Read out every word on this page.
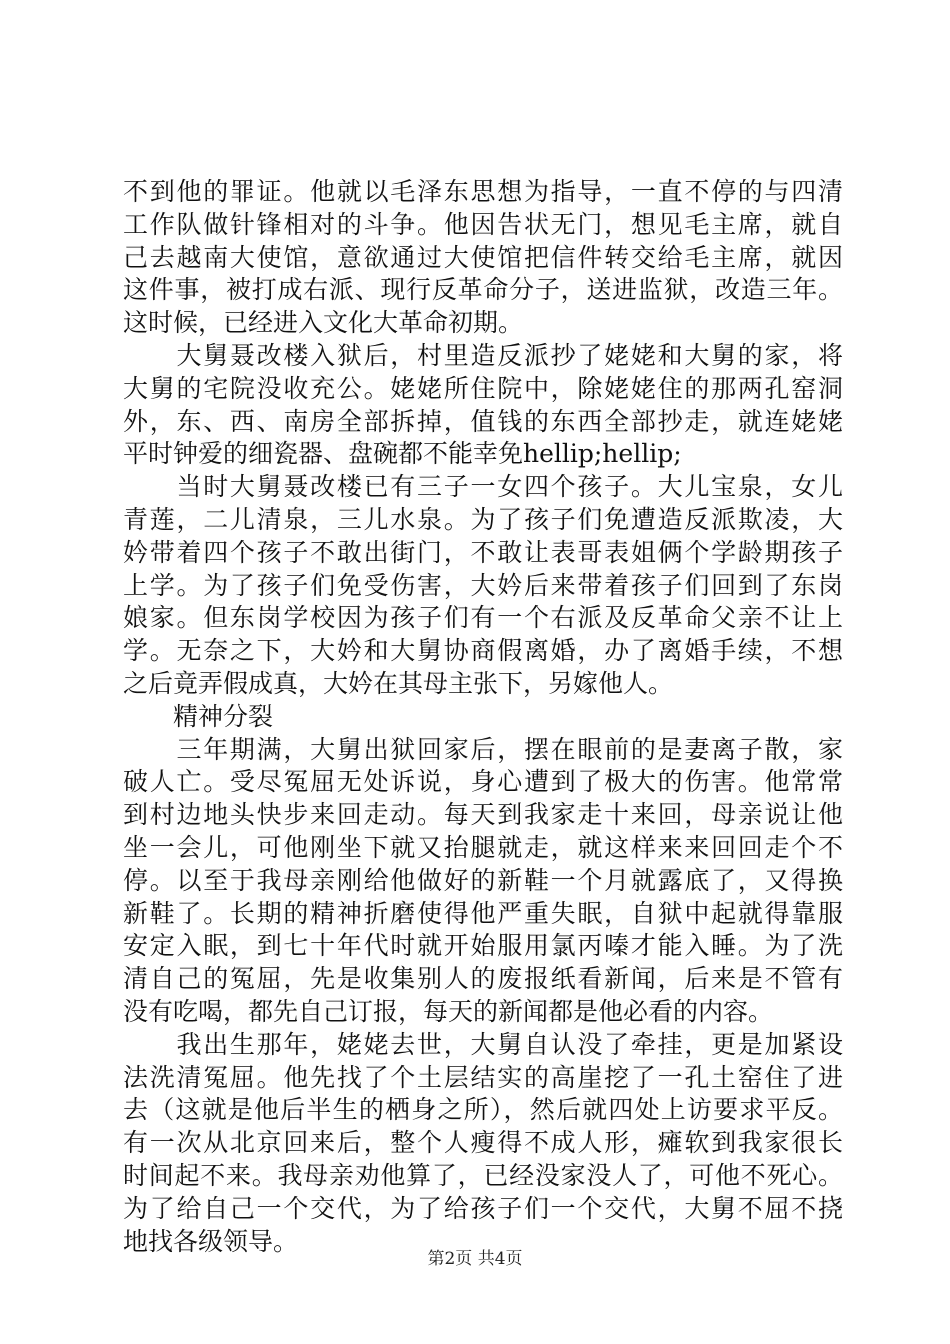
不到他的罪证。他就以毛泽东思想为指导，一直不停的与四清
工作队做针锋相对的斗争。他因告状无门，想见毛主席，就自
己去越南大使馆，意欲通过大使馆把信件转交给毛主席，就因
这件事，被打成右派、现行反革命分子，送进监狱，改造三年。
这时候，已经进入文化大革命初期。
　　大舅聂改楼入狱后，村里造反派抄了姥姥和大舅的家，将
大舅的宅院没收充公。姥姥所住院中，除姥姥住的那两孔窑洞
外，东、西、南房全部拆掉，值钱的东西全部抄走，就连姥姥
平时钟爱的细瓷器、盘碗都不能幸免hellip;hellip;
　　当时大舅聂改楼已有三子一女四个孩子。大儿宝泉，女儿
青莲，二儿清泉，三儿水泉。为了孩子们免遭造反派欺凌，大
妗带着四个孩子不敢出街门，不敢让表哥表姐俩个学龄期孩子
上学。为了孩子们免受伤害，大妗后来带着孩子们回到了东岗
娘家。但东岗学校因为孩子们有一个右派及反革命父亲不让上
学。无奈之下，大妗和大舅协商假离婚，办了离婚手续，不想
之后竟弄假成真，大妗在其母主张下，另嫁他人。
　　精神分裂
　　三年期满，大舅出狱回家后，摆在眼前的是妻离子散，家
破人亡。受尽冤屈无处诉说，身心遭到了极大的伤害。他常常
到村边地头快步来回走动。每天到我家走十来回，母亲说让他
坐一会儿，可他刚坐下就又抬腿就走，就这样来来回回走个不
停。以至于我母亲刚给他做好的新鞋一个月就露底了，又得换
新鞋了。长期的精神折磨使得他严重失眠，自狱中起就得靠服
安定入眠，到七十年代时就开始服用氯丙嗪才能入睡。为了洗
清自己的冤屈，先是收集别人的废报纸看新闻，后来是不管有
没有吃喝，都先自己订报，每天的新闻都是他必看的内容。
　　我出生那年，姥姥去世，大舅自认没了牵挂，更是加紧设
法洗清冤屈。他先找了个土层结实的高崖挖了一孔土窑住了进
去（这就是他后半生的栖身之所），然后就四处上访要求平反。
有一次从北京回来后，整个人瘦得不成人形，瘫软到我家很长
时间起不来。我母亲劝他算了，已经没家没人了，可他不死心。
为了给自己一个交代，为了给孩子们一个交代，大舅不屈不挠
地找各级领导。
第2页 共4页
